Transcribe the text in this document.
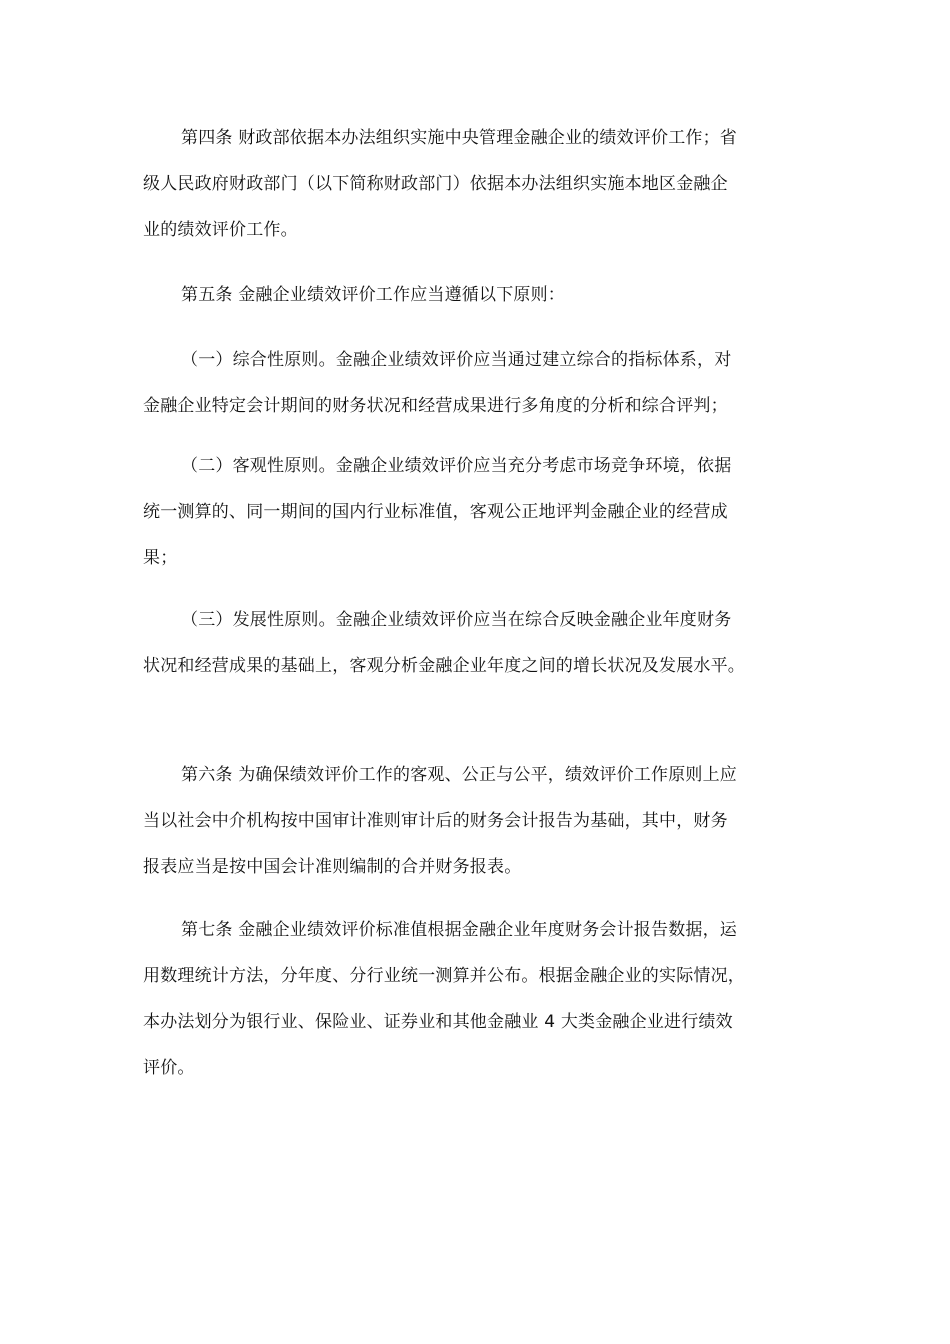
第四条 财政部依据本办法组织实施中央管理金融企业的绩效评价工作；省
级人民政府财政部门（以下简称财政部门）依据本办法组织实施本地区金融企
业的绩效评价工作。
第五条 金融企业绩效评价工作应当遵循以下原则：
（一）综合性原则。金融企业绩效评价应当通过建立综合的指标体系，对
金融企业特定会计期间的财务状况和经营成果进行多角度的分析和综合评判；
（二）客观性原则。金融企业绩效评价应当充分考虑市场竞争环境，依据
统一测算的、同一期间的国内行业标准值，客观公正地评判金融企业的经营成
果；
（三）发展性原则。金融企业绩效评价应当在综合反映金融企业年度财务
状况和经营成果的基础上，客观分析金融企业年度之间的增长状况及发展水平。
第六条 为确保绩效评价工作的客观、公正与公平，绩效评价工作原则上应
当以社会中介机构按中国审计准则审计后的财务会计报告为基础，其中，财务
报表应当是按中国会计准则编制的合并财务报表。
第七条 金融企业绩效评价标准值根据金融企业年度财务会计报告数据，运
用数理统计方法，分年度、分行业统一测算并公布。根据金融企业的实际情况，
本办法划分为银行业、保险业、证券业和其他金融业 4 大类金融企业进行绩效
评价。
